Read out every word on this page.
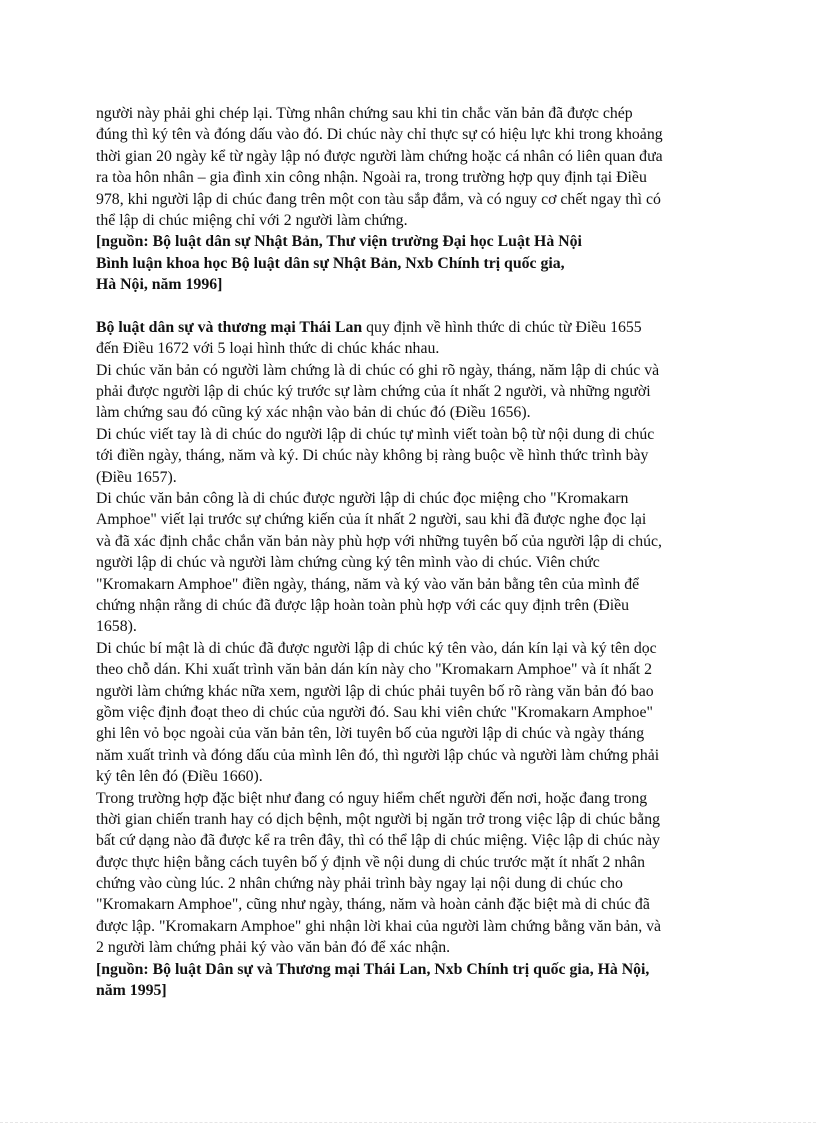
người này phải ghi chép lại. Từng nhân chứng sau khi tin chắc văn bản đã được chép
đúng thì ký tên và đóng dấu vào đó. Di chúc này chỉ thực sự có hiệu lực khi trong khoảng
thời gian 20 ngày kể từ ngày lập nó được người làm chứng hoặc cá nhân có liên quan đưa
ra tòa hôn nhân – gia đình xin công nhận. Ngoài ra, trong trường hợp quy định tại Điều
978, khi người lập di chúc đang trên một con tàu sắp đắm, và có nguy cơ chết ngay thì có
thể lập di chúc miệng chỉ với 2 người làm chứng.
[nguồn: Bộ luật dân sự Nhật Bản, Thư viện trường Đại học Luật Hà Nội
Bình luận khoa học Bộ luật dân sự Nhật Bản, Nxb Chính trị quốc gia,
Hà Nội, năm 1996]
Bộ luật dân sự và thương mại Thái Lan quy định về hình thức di chúc từ Điều 1655
đến Điều 1672 với 5 loại hình thức di chúc khác nhau.
Di chúc văn bản có người làm chứng là di chúc có ghi rõ ngày, tháng, năm lập di chúc và
phải được người lập di chúc ký trước sự làm chứng của ít nhất 2 người, và những người
làm chứng sau đó cũng ký xác nhận vào bản di chúc đó (Điều 1656).
Di chúc viết tay là di chúc do người lập di chúc tự mình viết toàn bộ từ nội dung di chúc
tới điền ngày, tháng, năm và ký. Di chúc này không bị ràng buộc về hình thức trình bày
(Điều 1657).
Di chúc văn bản công là di chúc được người lập di chúc đọc miệng cho "Kromakarn
Amphoe" viết lại trước sự chứng kiến của ít nhất 2 người, sau khi đã được nghe đọc lại
và đã xác định chắc chắn văn bản này phù hợp với những tuyên bố của người lập di chúc,
người lập di chúc và người làm chứng cùng ký tên mình vào di chúc. Viên chức
"Kromakarn Amphoe" điền ngày, tháng, năm và ký vào văn bản bằng tên của mình để
chứng nhận rằng di chúc đã được lập hoàn toàn phù hợp với các quy định trên (Điều
1658).
Di chúc bí mật là di chúc đã được người lập di chúc ký tên vào, dán kín lại và ký tên dọc
theo chỗ dán. Khi xuất trình văn bản dán kín này cho "Kromakarn Amphoe" và ít nhất 2
người làm chứng khác nữa xem, người lập di chúc phải tuyên bố rõ ràng văn bản đó bao
gồm việc định đoạt theo di chúc của người đó. Sau khi viên chức "Kromakarn Amphoe"
ghi lên vỏ bọc ngoài của văn bản tên, lời tuyên bố của người lập di chúc và ngày tháng
năm xuất trình và đóng dấu của mình lên đó, thì người lập chúc và người làm chứng phải
ký tên lên đó (Điều 1660).
Trong trường hợp đặc biệt như đang có nguy hiểm chết người đến nơi, hoặc đang trong
thời gian chiến tranh hay có dịch bệnh, một người bị ngăn trở trong việc lập di chúc bằng
bất cứ dạng nào đã được kể ra trên đây, thì có thể lập di chúc miệng. Việc lập di chúc này
được thực hiện bằng cách tuyên bố ý định về nội dung di chúc trước mặt ít nhất 2 nhân
chứng vào cùng lúc. 2 nhân chứng này phải trình bày ngay lại nội dung di chúc cho
"Kromakarn Amphoe", cũng như ngày, tháng, năm và hoàn cảnh đặc biệt mà di chúc đã
được lập. "Kromakarn Amphoe" ghi nhận lời khai của người làm chứng bằng văn bản, và
2 người làm chứng phải ký vào văn bản đó để xác nhận.
[nguồn: Bộ luật Dân sự và Thương mại Thái Lan, Nxb Chính trị quốc gia, Hà Nội,
năm 1995]
